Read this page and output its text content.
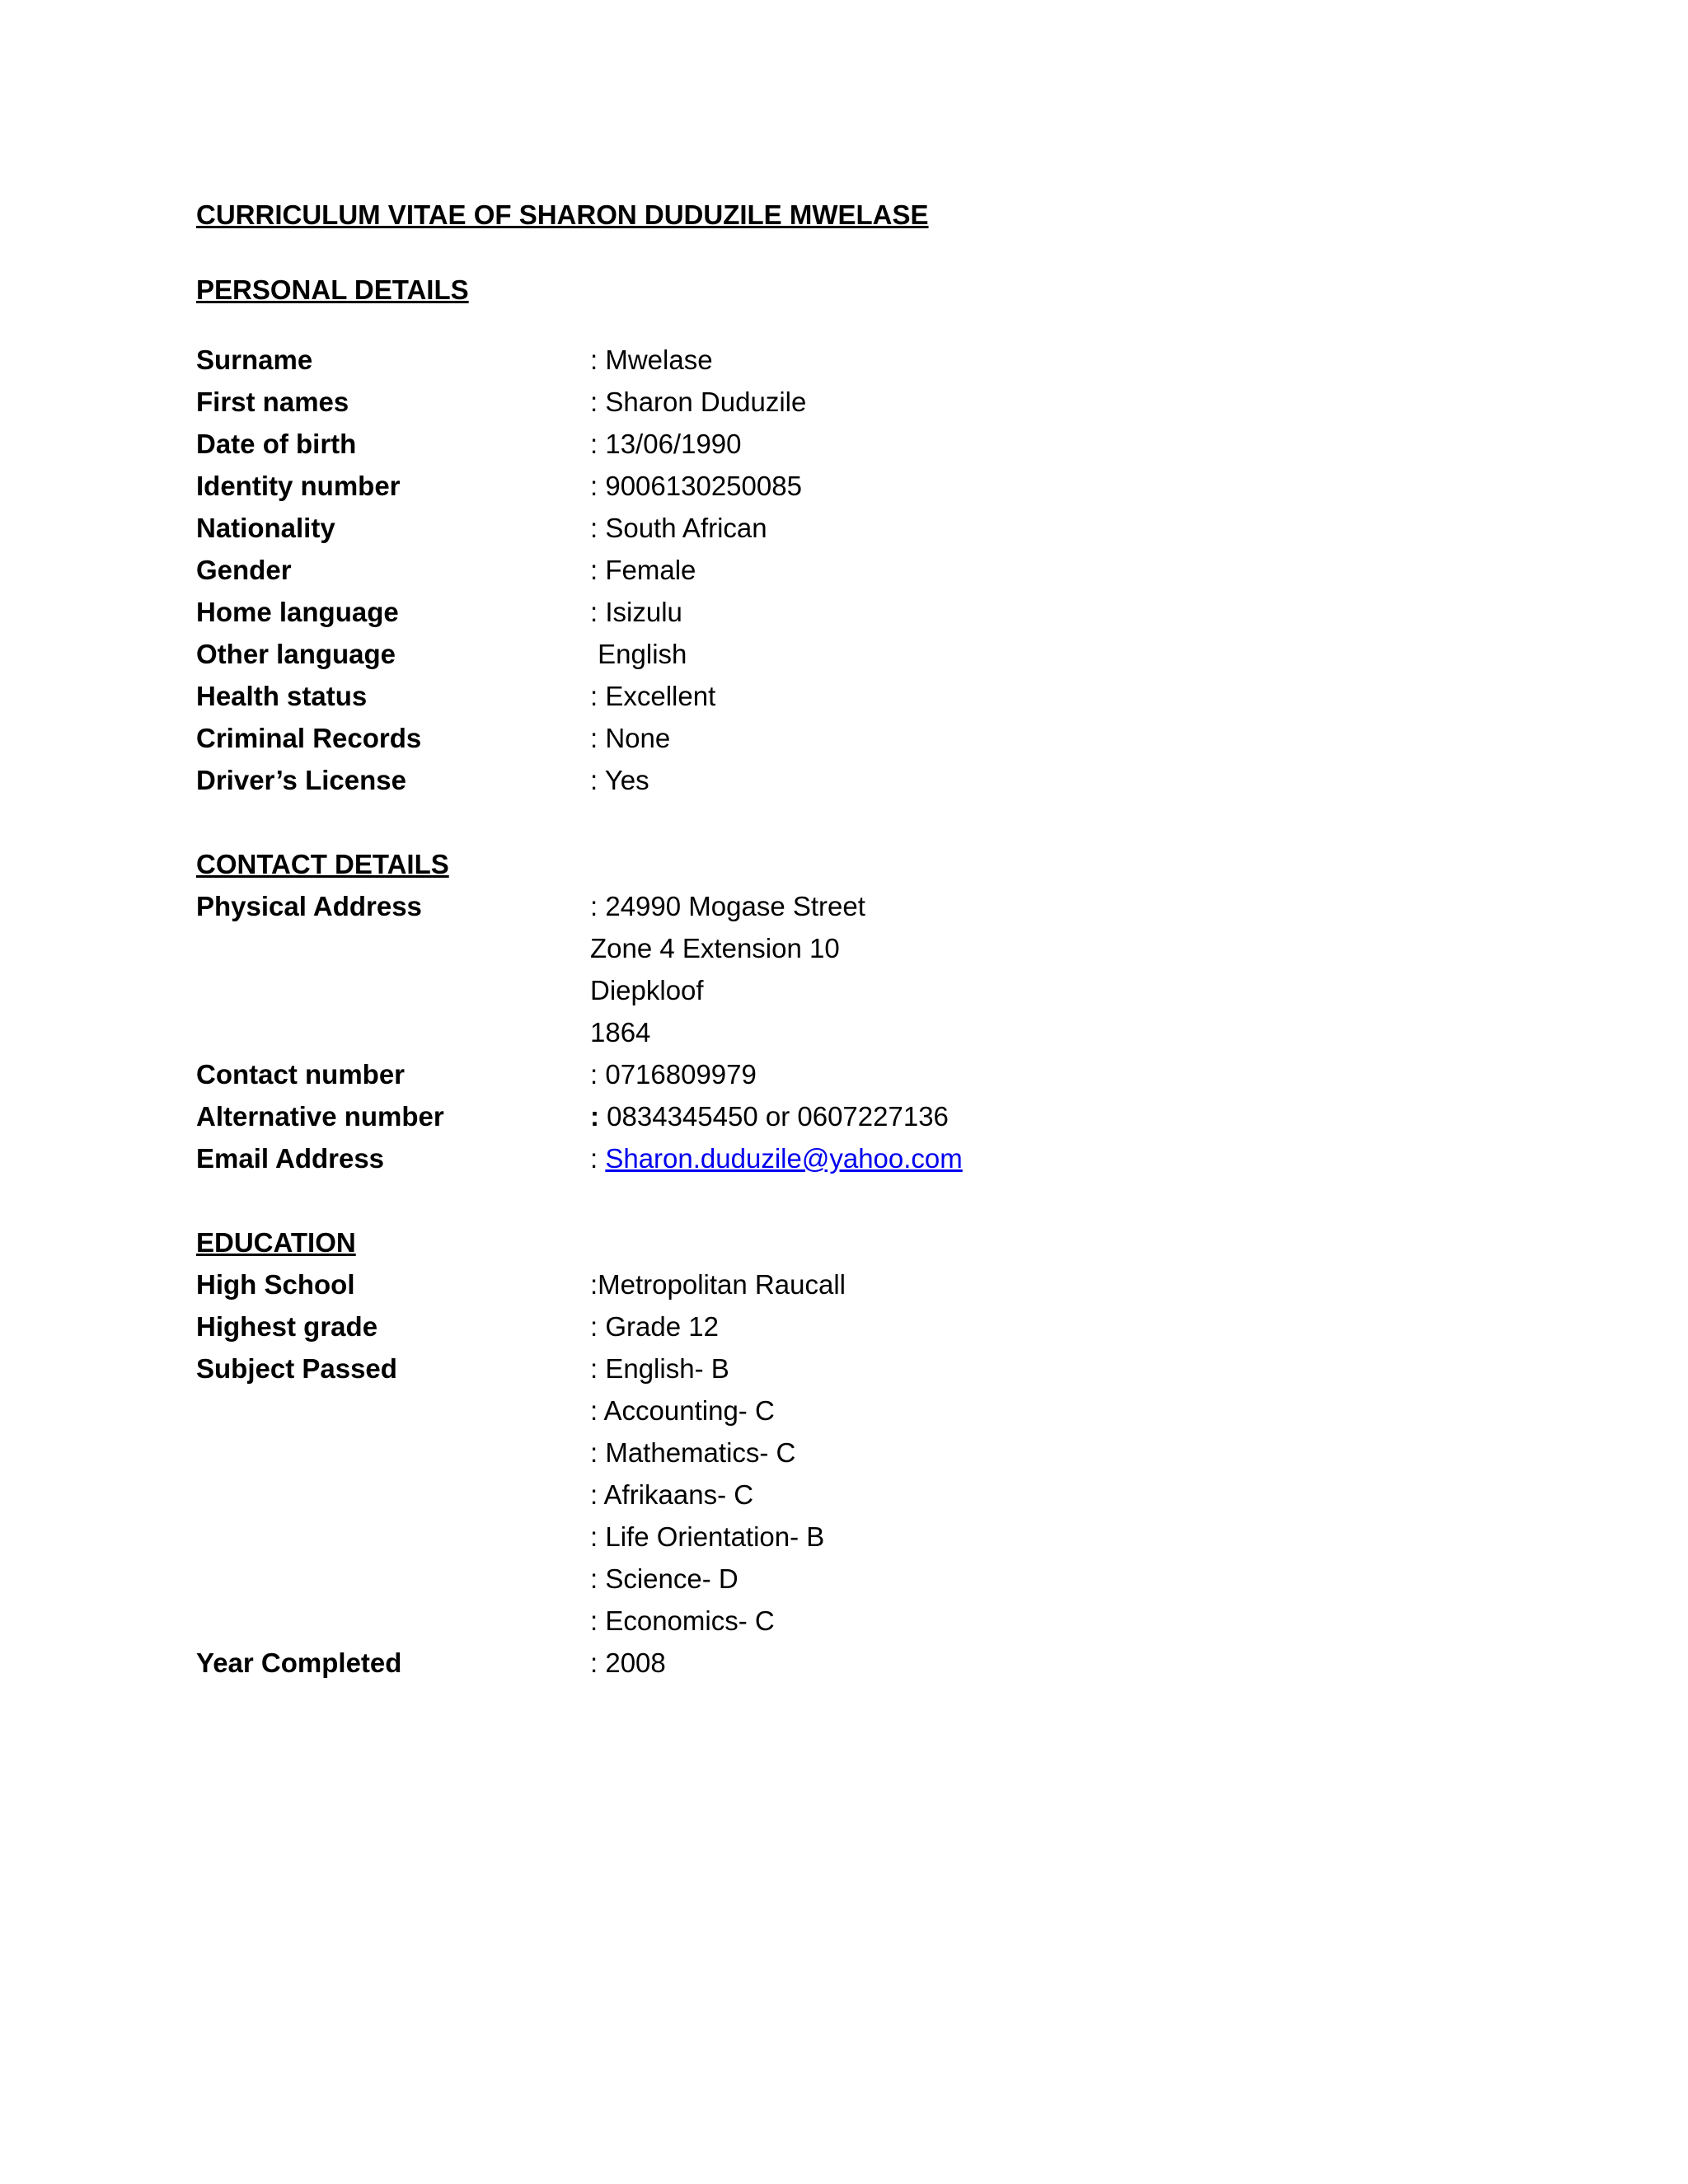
CURRICULUM VITAE OF SHARON DUDUZILE MWELASE
PERSONAL DETAILS
Surname	: Mwelase
First names	: Sharon Duduzile
Date of birth	: 13/06/1990
Identity number	: 9006130250085
Nationality	: South African
Gender	: Female
Home language	: Isizulu
Other language	English
Health status	: Excellent
Criminal Records	: None
Driver’s License	: Yes
CONTACT DETAILS
Physical Address	: 24990 Mogase Street
Zone 4 Extension 10
Diepkloof
1864
Contact number	: 0716809979
Alternative number	: 0834345450 or 0607227136
Email Address	: Sharon.duduzile@yahoo.com
EDUCATION
High School	:Metropolitan Raucall
Highest grade	: Grade 12
Subject Passed	: English- B
: Accounting- C
: Mathematics- C
: Afrikaans- C
: Life Orientation- B
: Science- D
: Economics- C
Year Completed	: 2008
